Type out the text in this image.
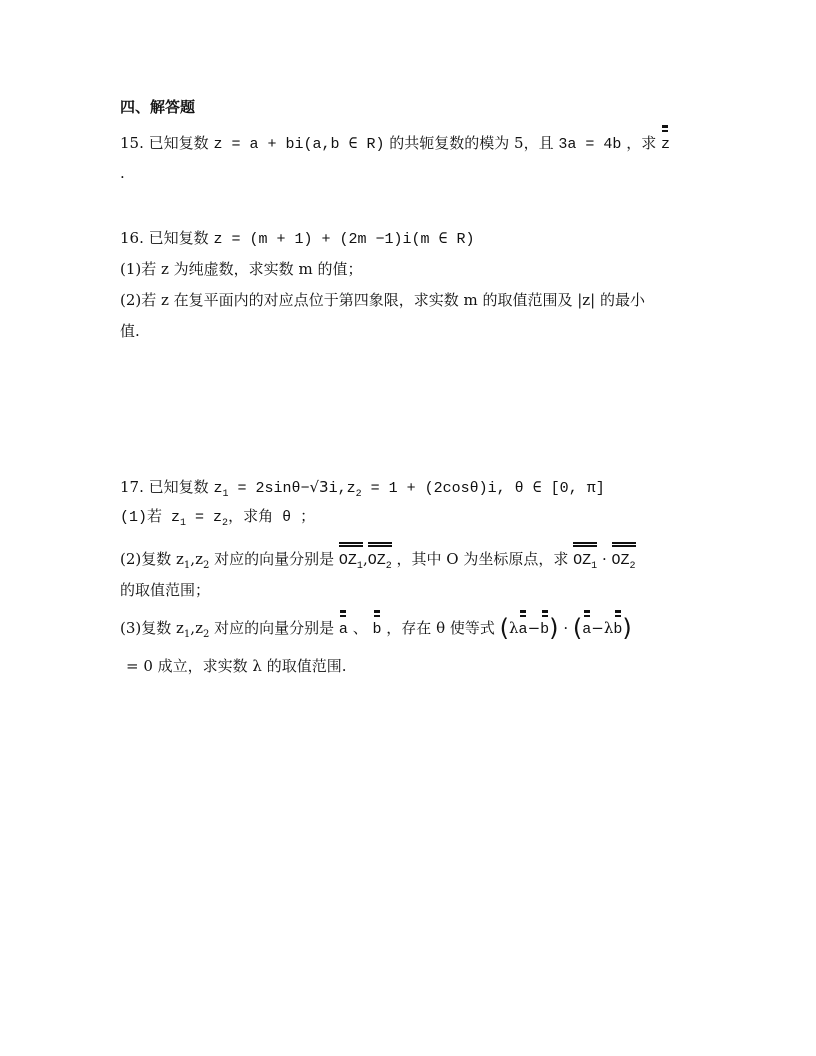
四、解答题
15. 已知复数 z = a + bi(a,b ∈ R) 的共轭复数的模为 5，且 3a = 4b ，求 z
.
16. 已知复数 z = (m + 1) + (2m −1)i(m ∈ R)
(1)若 z 为纯虚数，求实数 m 的值；
(2)若 z 在复平面内的对应点位于第四象限，求实数 m 的取值范围及 |z| 的最小
值.
17. 已知复数 $z_1 = 2\sin\theta-√3i,z_2 = 1 + (2\cos\theta)i$, θ ∈ [0, π]
(1)若 $z_1 = z_2$，求角 θ ；
(2)复数 $z_1,z_2$ 对应的向量分别是 $OZ_1$,
$OZ_2$ ，其中 O 为坐标原点，求 $OZ_1 \cdot OZ_2$
的取值范围；
(3)复数 $z_1,z_2$ 对应的向量分别是 a 、 b ，存在 θ 使等式 (λ
a−
b) · (
a−λ
b)
= 0 成立，求实数 λ 的取值范围.
